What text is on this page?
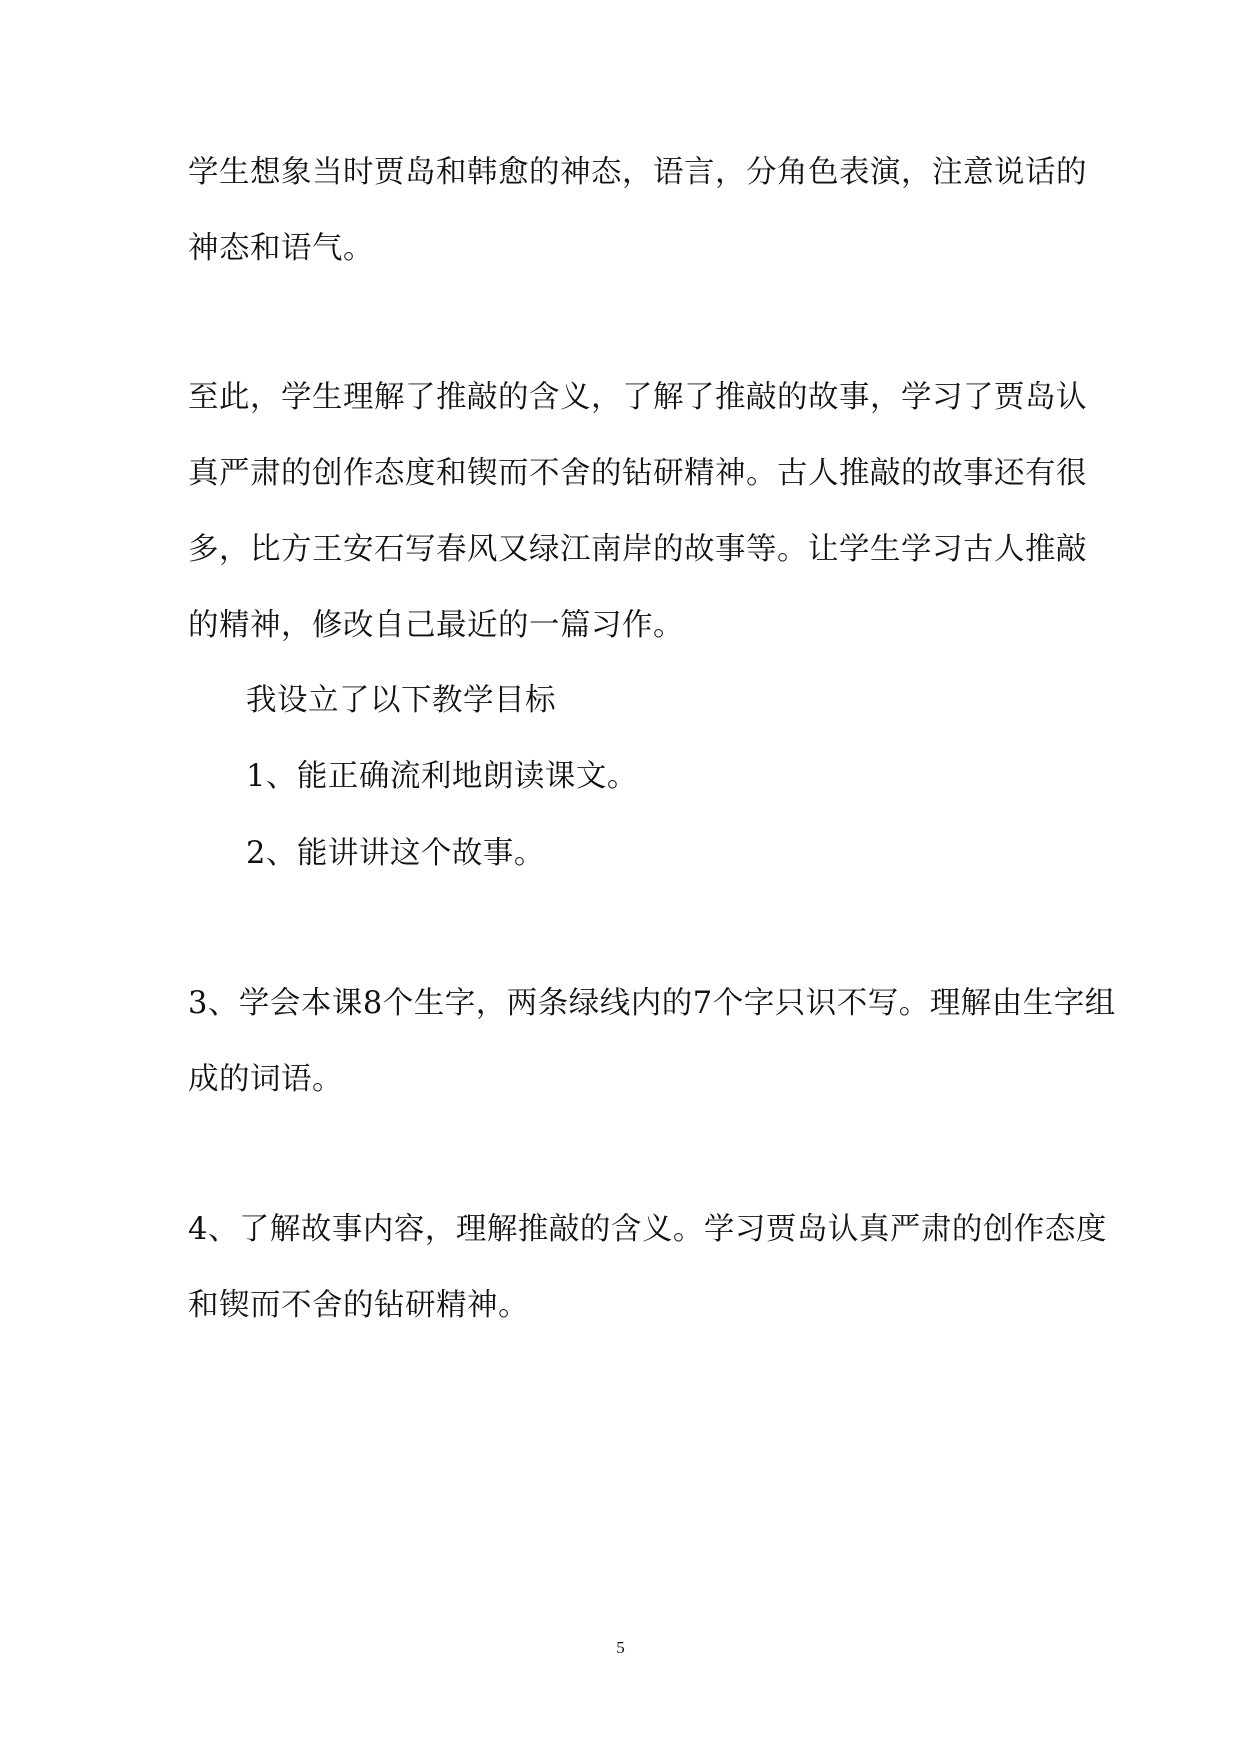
学生想象当时贾岛和韩愈的神态，语言，分角色表演，注意说话的
神态和语气。
至此，学生理解了推敲的含义，了解了推敲的故事，学习了贾岛认
真严肃的创作态度和锲而不舍的钻研精神。古人推敲的故事还有很
多，比方王安石写春风又绿江南岸的故事等。让学生学习古人推敲
的精神，修改自己最近的一篇习作。
我设立了以下教学目标
1、能正确流利地朗读课文。
2、能讲讲这个故事。
3、学会本课8个生字，两条绿线内的7个字只识不写。理解由生字组
成的词语。
4、了解故事内容，理解推敲的含义。学习贾岛认真严肃的创作态度
和锲而不舍的钻研精神。
5
